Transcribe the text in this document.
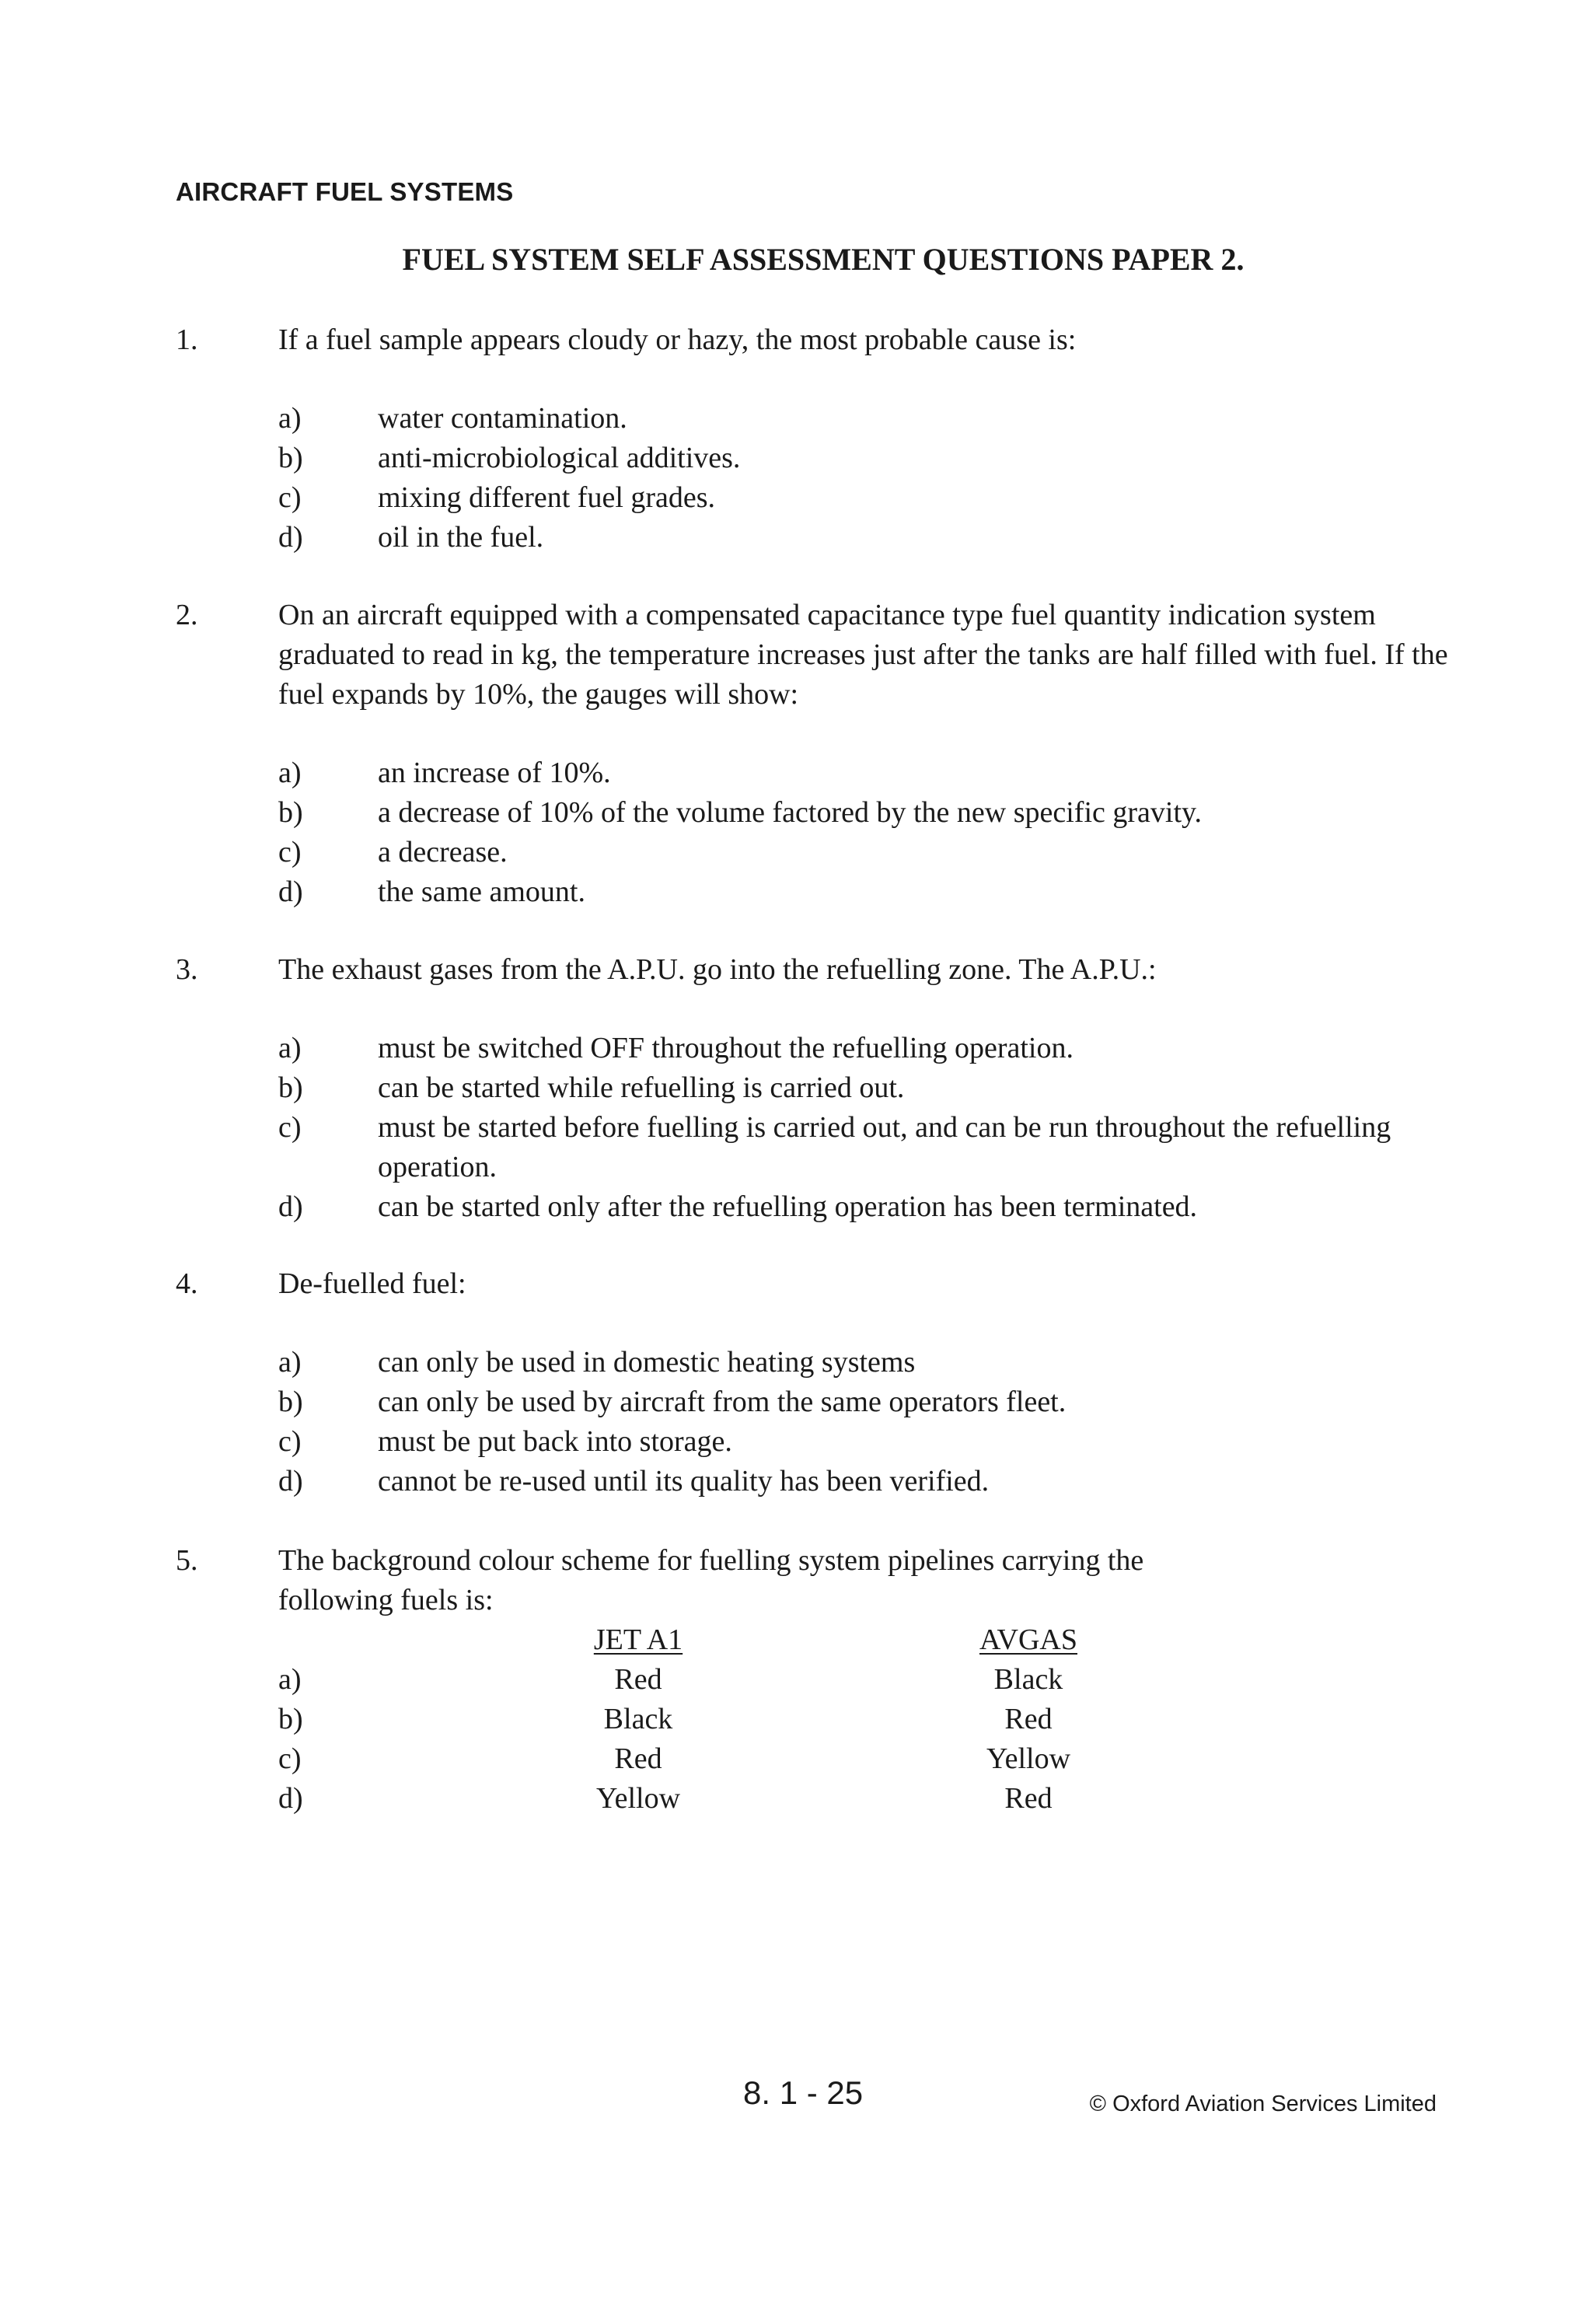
AIRCRAFT FUEL SYSTEMS
FUEL SYSTEM SELF ASSESSMENT QUESTIONS PAPER 2.
1.	If a fuel sample appears cloudy or hazy, the most probable cause is:
a)	water contamination.
b)	anti-microbiological additives.
c)	mixing different fuel grades.
d)	oil in the fuel.
2.	On an aircraft equipped with a compensated capacitance type fuel quantity indication system graduated to read in kg, the temperature increases just after the tanks are half filled with fuel. If the fuel expands by 10%, the gauges will show:
a)	an increase of 10%.
b)	a decrease of 10% of the volume factored by the new specific gravity.
c)	a decrease.
d)	the same amount.
3.	The exhaust gases from the A.P.U. go into the refuelling zone. The A.P.U.:
a)	must be switched OFF throughout the refuelling operation.
b)	can be started while refuelling is carried out.
c)	must be started before fuelling is carried out, and can be run throughout the refuelling operation.
d)	can be started only after the refuelling operation has been terminated.
4.	De-fuelled fuel:
a)	can only be used in domestic heating systems
b)	can only be used by aircraft from the same operators fleet.
c)	must be put back into storage.
d)	cannot be re-used until its quality has been verified.
5.	The background colour scheme for fuelling system pipelines carrying the
following fuels is:
JET A1	AVGAS
a)	Red	Black
b)	Black	Red
c)	Red	Yellow
d)	Yellow	Red
8. 1 - 25	© Oxford Aviation Services Limited
